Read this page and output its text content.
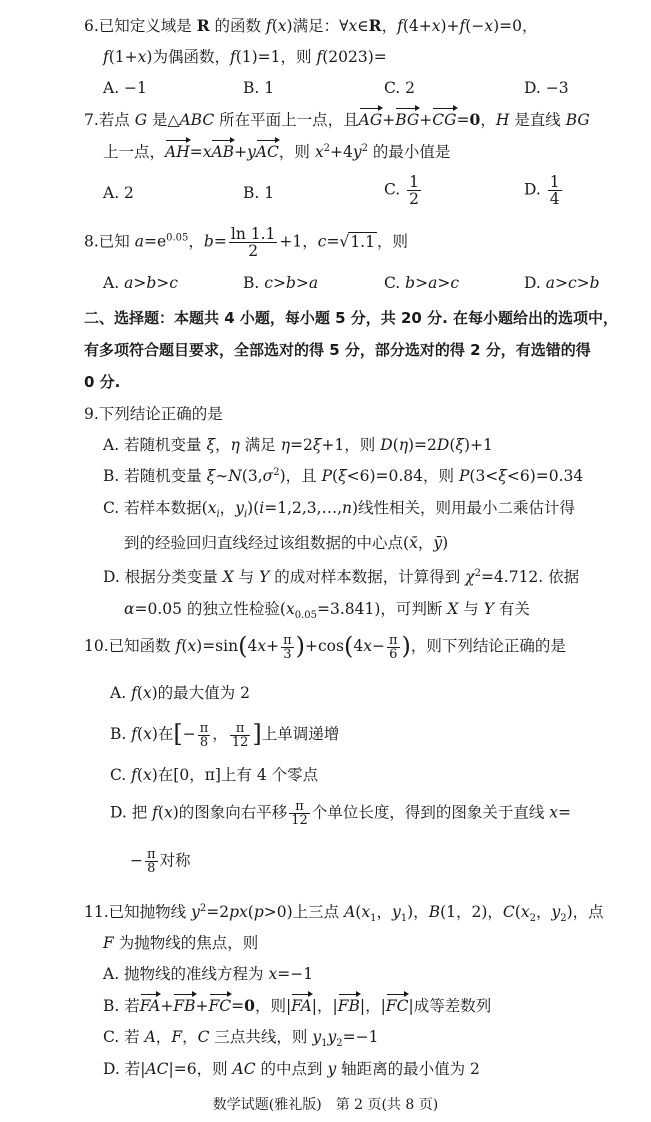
6.已知定义域是 R 的函数 f(x)满足：∀x∈R，f(4+x)+f(−x)=0，
f(1+x)为偶函数，f(1)=1，则 f(2023)=
A. −1	B. 1	C. 2	D. −3
7.若点 G 是△ABC 所在平面上一点，且AG+BG+CG=0，H 是直线 BG
上一点，AH=xAB+yAC，则 $x^2+4y^2$ 的最小值是
A. 2	B. 1	C. $\frac{1}{2}$	D. $\frac{1}{4}$
8.已知 $a=e^{0.05}$，$b= \frac{\ln 1.1}{2} +1$，c=√1.1 ，则
A. a>b>c	B. c>b>a	C. b>a>c	D. a>c>b
二、选择题：本题共 4 小题，每小题 5 分，共 20 分. 在每小题给出的选项中，
有多项符合题目要求，全部选对的得 5 分，部分选对的得 2 分，有选错的得
0 分.
9.下列结论正确的是
A. 若随机变量 ξ，η 满足 η=2ξ+1，则 D(η)=2D(ξ)+1
B. 若随机变量 $\xi\sim N(3,\sigma^2)$，且 P(ξ<6)=0.84，则 P(3<ξ<6)=0.34
C. 若样本数据($x_i$，$y_i)(i=1,2,3,\dots,n)$线性相关，则用最小二乘估计得
到的经验回归直线经过该组数据的中心点(x̄，ȳ)
D. 根据分类变量 X 与 Y 的成对样本数据，计算得到 $\chi^2=4.712$. 依据
α=0.05 的独立性检验$(x_{0.05}=3.841)$，可判断 X 与 Y 有关
10.已知函数 $f(x)=\sin(4x+ \frac{\pi}{3} )+\cos(4x- \frac{\pi}{6}$ )，则下列结论正确的是
A. f(x)的最大值为 2
B. f(x)在[− $\frac{\pi}{8}$ ， $\frac{\pi}{12}$ ]上单调递增
C. f(x)在[0，π]上有 4 个零点
D. 把 f(x)的图象向右平移 $\frac{\pi}{12}$ 个单位长度，得到的图象关于直线 x=
− $\frac{\pi}{8}$ 对称
11.已知抛物线 $y^2=2px(p>0)$上三点 $A(x_1$，$y_1$)，B(1，2)，$C(x_2$，$y_2$)，点
F 为抛物线的焦点，则
A. 抛物线的准线方程为 x=−1
B. 若FA+FB+FC=0，则|FA|，|FB|，|FC|成等差数列
C. 若 A，F，C 三点共线，则 $y_1y_2=-1$
D. 若|AC|=6，则 AC 的中点到 y 轴距离的最小值为 2
数学试题(雅礼版)　第 2 页(共 8 页)
